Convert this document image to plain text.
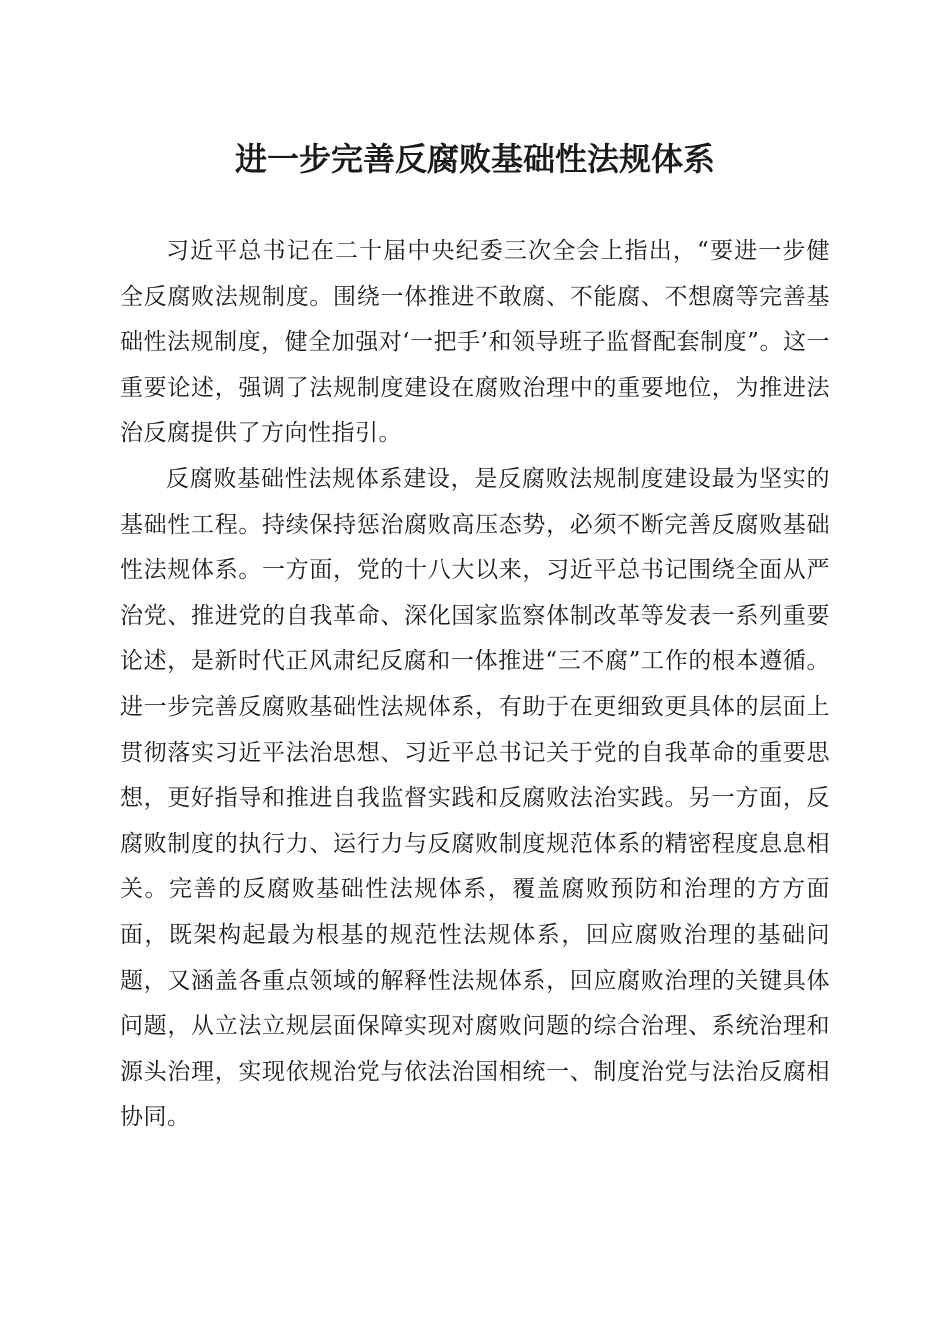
进一步完善反腐败基础性法规体系

习近平总书记在二十届中央纪委三次全会上指出，“要进一步健全反腐败法规制度。围绕一体推进不敢腐、不能腐、不想腐等完善基础性法规制度，健全加强对‘一把手’和领导班子监督配套制度”。这一重要论述，强调了法规制度建设在腐败治理中的重要地位，为推进法治反腐提供了方向性指引。

反腐败基础性法规体系建设，是反腐败法规制度建设最为坚实的基础性工程。持续保持惩治腐败高压态势，必须不断完善反腐败基础性法规体系。一方面，党的十八大以来，习近平总书记围绕全面从严治党、推进党的自我革命、深化国家监察体制改革等发表一系列重要论述，是新时代正风肃纪反腐和一体推进“三不腐”工作的根本遵循。进一步完善反腐败基础性法规体系，有助于在更细致更具体的层面上贯彻落实习近平法治思想、习近平总书记关于党的自我革命的重要思想，更好指导和推进自我监督实践和反腐败法治实践。另一方面，反腐败制度的执行力、运行力与反腐败制度规范体系的精密程度息息相关。完善的反腐败基础性法规体系，覆盖腐败预防和治理的方方面面，既架构起最为根基的规范性法规体系，回应腐败治理的基础问题，又涵盖各重点领域的解释性法规体系，回应腐败治理的关键具体问题，从立法立规层面保障实现对腐败问题的综合治理、系统治理和源头治理，实现依规治党与依法治国相统一、制度治党与法治反腐相协同。
